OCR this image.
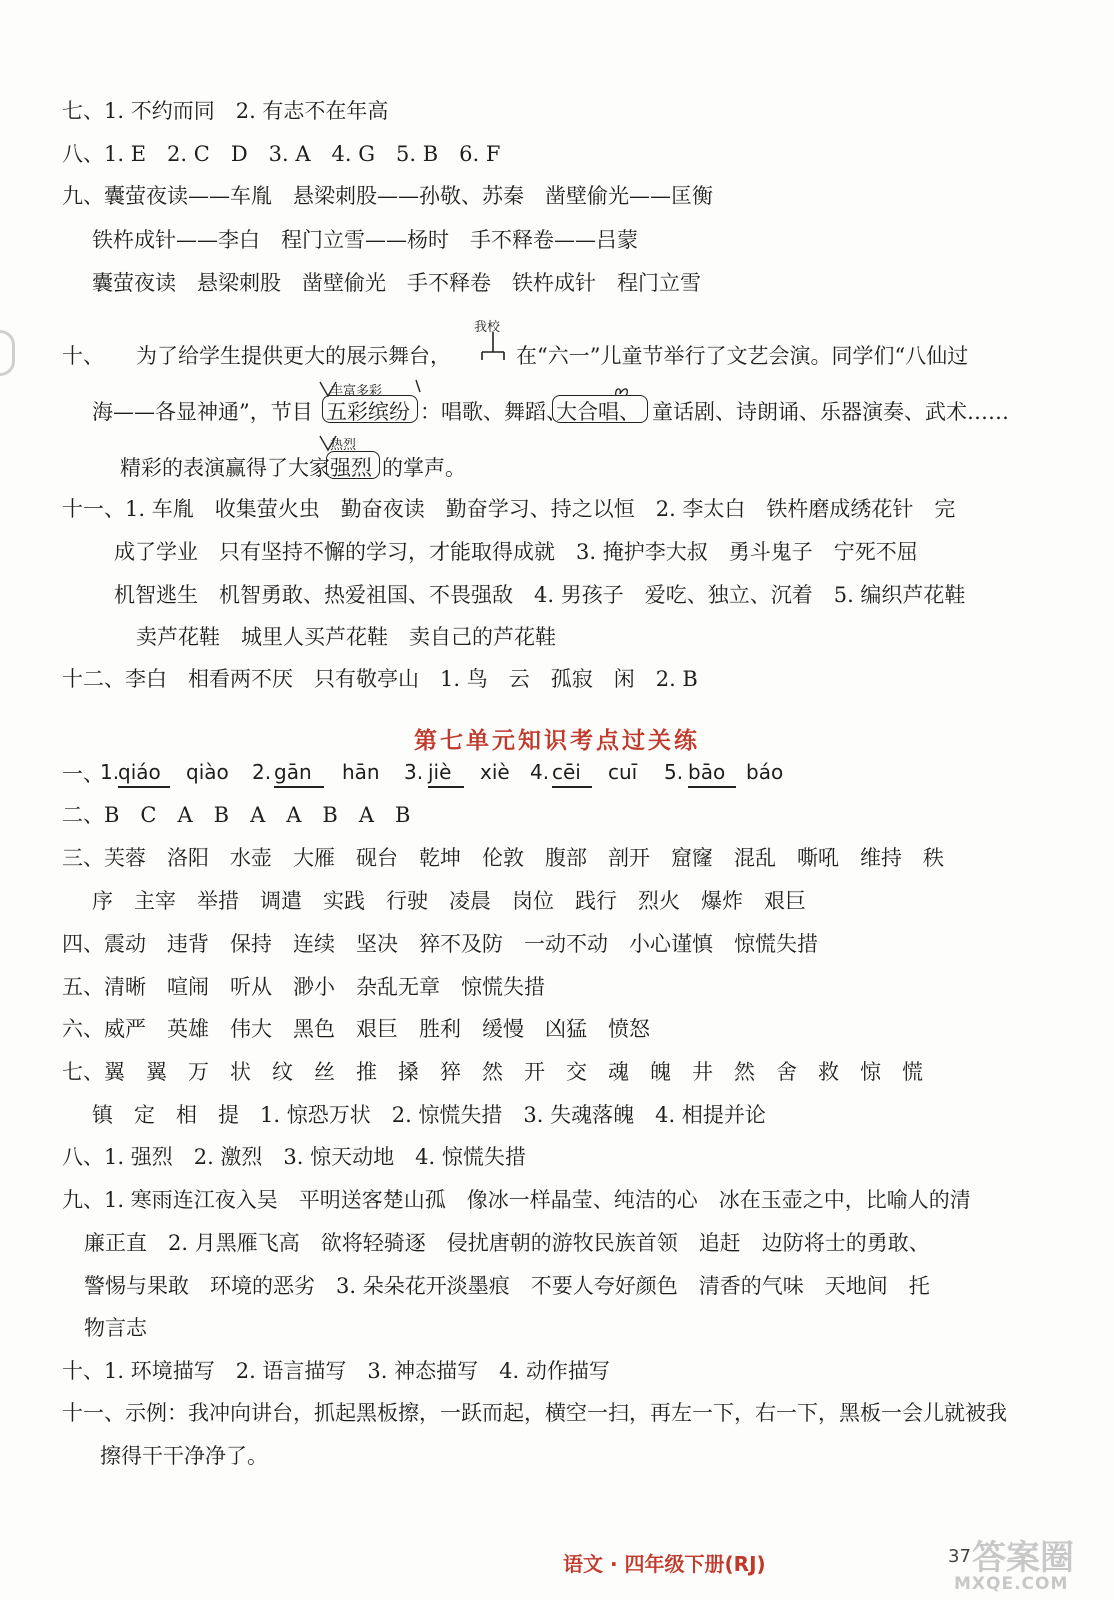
七、1. 不约而同　2. 有志不在年高
八、1. E　2. C　D　3. A　4. G　5. B　6. F
九、囊萤夜读——车胤　悬梁刺股——孙敬、苏秦　凿壁偷光——匡衡
铁杵成针——李白　程门立雪——杨时　手不释卷——吕蒙
囊萤夜读　悬梁刺股　凿壁偷光　手不释卷　铁杵成针　程门立雪
十、 为了给学生提供更大的展示舞台，
我校
在“六一”儿童节举行了文艺会演。同学们“八仙过
丰富多彩
海——各显神通”，节目 五彩缤纷 ：唱歌、舞蹈、
大合唱、 童话剧、诗朗诵、乐器演奏、武术……
热烈
精彩的表演赢得了大家 强烈 的掌声。
十一、1. 车胤　收集萤火虫　勤奋夜读　勤奋学习、持之以恒　2. 李太白　铁杵磨成绣花针　完
成了学业　只有坚持不懈的学习，才能取得成就　3. 掩护李大叔　勇斗鬼子　宁死不屈
机智逃生　机智勇敢、热爱祖国、不畏强敌　4. 男孩子　爱吃、独立、沉着　5. 编织芦花鞋
卖芦花鞋　城里人买芦花鞋　卖自己的芦花鞋
十二、李白　相看两不厌　只有敬亭山　1. 鸟　云　孤寂　闲　2. B
第七单元知识考点过关练
一、
1.
qiáo qiào 2. gān hān 3. jiè xiè 4. cēi cuī 5. bāo báo
二、B　C　A　B　A　A　B　A　B
三、芙蓉　洛阳　水壶　大雁　砚台　乾坤　伦敦　腹部　剖开　窟窿　混乱　嘶吼　维持　秩
序　主宰　举措　调遣　实践　行驶　凌晨　岗位　践行　烈火　爆炸　艰巨
四、震动　违背　保持　连续　坚决　猝不及防　一动不动　小心谨慎　惊慌失措
五、清晰　喧闹　听从　渺小　杂乱无章　惊慌失措
六、威严　英雄　伟大　黑色　艰巨　胜利　缓慢　凶猛　愤怒
七、翼　翼　万　状　纹　丝　推　搡　猝　然　开　交　魂　魄　井　然　舍　救　惊　慌
镇　定　相　提　1. 惊恐万状　2. 惊慌失措　3. 失魂落魄　4. 相提并论
八、1. 强烈　2. 激烈　3. 惊天动地　4. 惊慌失措
九、1. 寒雨连江夜入吴　平明送客楚山孤　像冰一样晶莹、纯洁的心　冰在玉壶之中，比喻人的清
廉正直　2. 月黑雁飞高　欲将轻骑逐　侵扰唐朝的游牧民族首领　追赶　边防将士的勇敢、
警惕与果敢　环境的恶劣　3. 朵朵花开淡墨痕　不要人夸好颜色　清香的气味　天地间　托
物言志
十、1. 环境描写　2. 语言描写　3. 神态描写　4. 动作描写
十一、示例：我冲向讲台，抓起黑板擦，一跃而起，横空一扫，再左一下，右一下，黑板一会儿就被我
擦得干干净净了。
语文 · 四年级下册(RJ)	37 答案圈
MXQE.COM
